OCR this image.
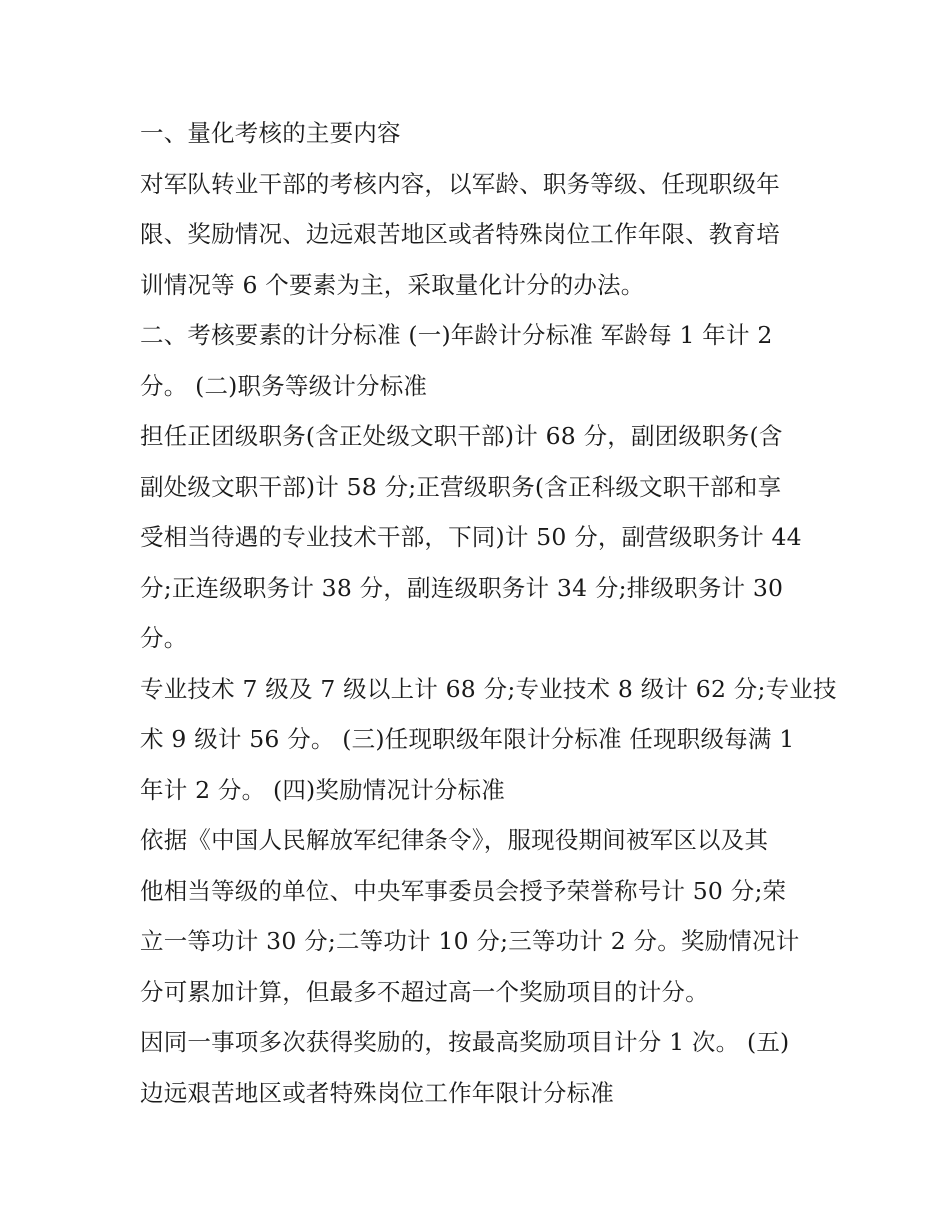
一、量化考核的主要内容
对军队转业干部的考核内容，以军龄、职务等级、任现职级年
限、奖励情况、边远艰苦地区或者特殊岗位工作年限、教育培
训情况等 6 个要素为主，采取量化计分的办法。
二、考核要素的计分标准 (一)年龄计分标准 军龄每 1 年计 2
分。 (二)职务等级计分标准
担任正团级职务(含正处级文职干部)计 68 分，副团级职务(含
副处级文职干部)计 58 分;正营级职务(含正科级文职干部和享
受相当待遇的专业技术干部，下同)计 50 分，副营级职务计 44
分;正连级职务计 38 分，副连级职务计 34 分;排级职务计 30
分。
专业技术 7 级及 7 级以上计 68 分;专业技术 8 级计 62 分;专业技
术 9 级计 56 分。 (三)任现职级年限计分标准 任现职级每满 1
年计 2 分。 (四)奖励情况计分标准
依据《中国人民解放军纪律条令》，服现役期间被军区以及其
他相当等级的单位、中央军事委员会授予荣誉称号计 50 分;荣
立一等功计 30 分;二等功计 10 分;三等功计 2 分。奖励情况计
分可累加计算，但最多不超过高一个奖励项目的计分。
因同一事项多次获得奖励的，按最高奖励项目计分 1 次。 (五)
边远艰苦地区或者特殊岗位工作年限计分标准
